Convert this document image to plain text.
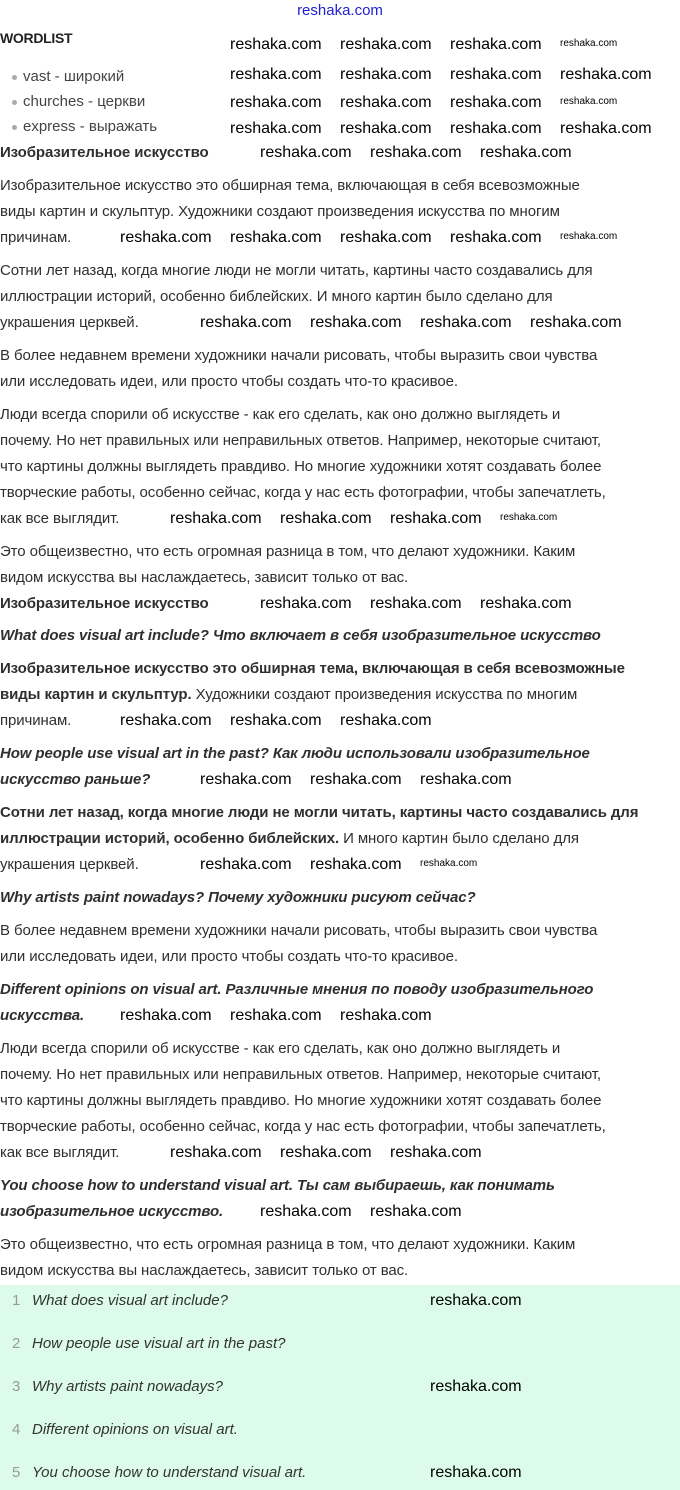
reshaka.com
WORDLIST
vast - широкий
churches - церкви
express - выражать
Изобразительное искусство
Изобразительное искусство это обширная тема, включающая в себя всевозможные
виды картин и скульптур. Художники создают произведения искусства по многим
причинам.
Сотни лет назад, когда многие люди не могли читать, картины часто создавались для
иллюстрации историй, особенно библейских. И много картин было сделано для
украшения церквей.
В более недавнем времени художники начали рисовать, чтобы выразить свои чувства
или исследовать идеи, или просто чтобы создать что-то красивое.
Люди всегда спорили об искусстве - как его сделать, как оно должно выглядеть и
почему. Но нет правильных или неправильных ответов. Например, некоторые считают,
что картины должны выглядеть правдиво. Но многие художники хотят создавать более
творческие работы, особенно сейчас, когда у нас есть фотографии, чтобы запечатлеть,
как все выглядит.
Это общеизвестно, что есть огромная разница в том, что делают художники. Каким
видом искусства вы наслаждаетесь, зависит только от вас.
Изобразительное искусство
What does visual art include? Что включает в себя изобразительное искусство
Изобразительное искусство это обширная тема, включающая в себя всевозможные
виды картин и скульптур. Художники создают произведения искусства по многим
причинам.
How people use visual art in the past? Как люди использовали изобразительное
искусство раньше?
Сотни лет назад, когда многие люди не могли читать, картины часто создавались для
иллюстрации историй, особенно библейских. И много картин было сделано для
украшения церквей.
Why artists paint nowadays? Почему художники рисуют сейчас?
В более недавнем времени художники начали рисовать, чтобы выразить свои чувства
или исследовать идеи, или просто чтобы создать что-то красивое.
Different opinions on visual art. Различные мнения по поводу изобразительного
искусства.
Люди всегда спорили об искусстве - как его сделать, как оно должно выглядеть и
почему. Но нет правильных или неправильных ответов. Например, некоторые считают,
что картины должны выглядеть правдиво. Но многие художники хотят создавать более
творческие работы, особенно сейчас, когда у нас есть фотографии, чтобы запечатлеть,
как все выглядит.
You choose how to understand visual art. Ты сам выбираешь, как понимать
изобразительное искусство.
Это общеизвестно, что есть огромная разница в том, что делают художники. Каким
видом искусства вы наслаждаетесь, зависит только от вас.
1 What does visual art include?
2 How people use visual art in the past?
3 Why artists paint nowadays?
4 Different opinions on visual art.
5 You choose how to understand visual art.
reshaka.com reshaka.com reshaka.com reshaka.com
reshaka.com reshaka.com reshaka.com reshaka.com
reshaka.com reshaka.com reshaka.com reshaka.com
reshaka.com reshaka.com reshaka.com reshaka.com
reshaka.com reshaka.com reshaka.com
reshaka.com reshaka.com reshaka.com reshaka.com reshaka.com
reshaka.com reshaka.com reshaka.com reshaka.com
reshaka.com reshaka.com reshaka.com reshaka.com
reshaka.com reshaka.com reshaka.com
reshaka.com reshaka.com reshaka.com
reshaka.com reshaka.com reshaka.com
reshaka.com reshaka.com reshaka.com
reshaka.com reshaka.com reshaka.com
reshaka.com reshaka.com reshaka.com
reshaka.com reshaka.com
reshaka.com
reshaka.com
reshaka.com
